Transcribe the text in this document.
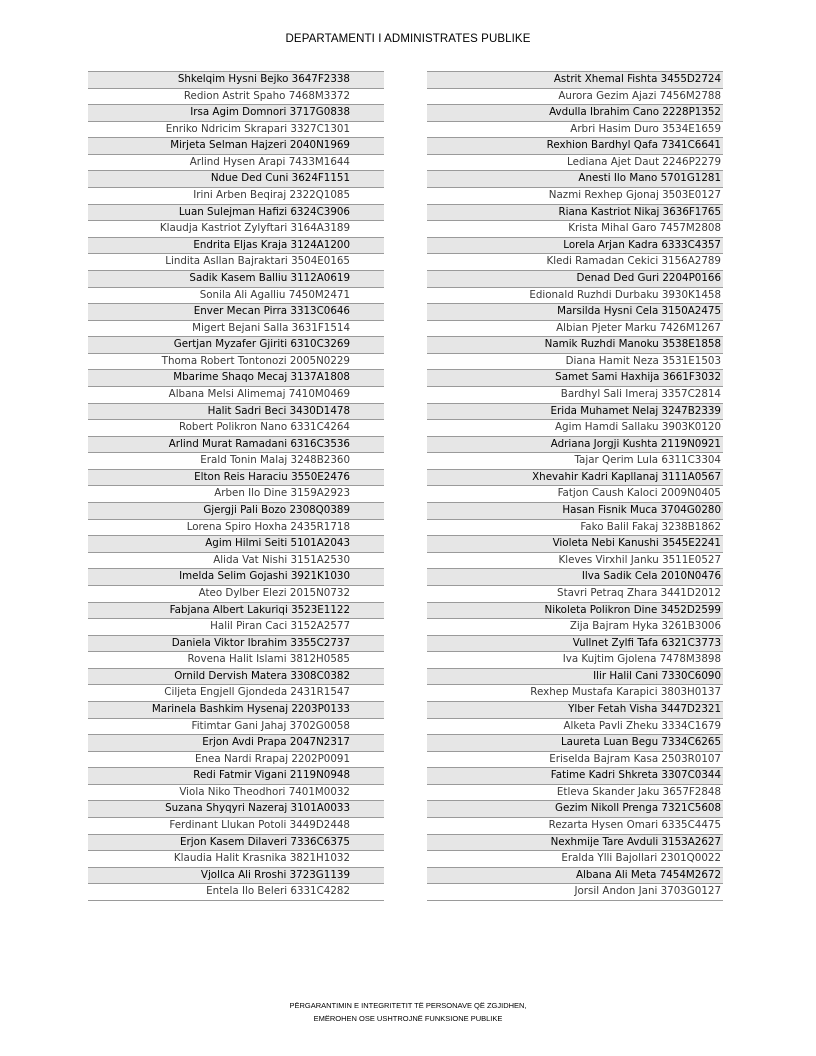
DEPARTAMENTI I ADMINISTRATES PUBLIKE
Shkelqim Hysni Bejko 3647F2338
Redion Astrit Spaho 7468M3372
Irsa Agim Domnori 3717G0838
Enriko Ndricim Skrapari 3327C1301
Mirjeta Selman Hajzeri 2040N1969
Arlind Hysen Arapi 7433M1644
Ndue Ded Cuni 3624F1151
Irini Arben Beqiraj 2322Q1085
Luan Sulejman Hafizi 6324C3906
Klaudja Kastriot Zylyftari 3164A3189
Endrita Eljas Kraja 3124A1200
Lindita Asllan Bajraktari 3504E0165
Sadik Kasem Balliu 3112A0619
Sonila Ali Agalliu 7450M2471
Enver Mecan Pirra 3313C0646
Migert Bejani Salla 3631F1514
Gertjan Myzafer Gjiriti 6310C3269
Thoma Robert Tontonozi 2005N0229
Mbarime Shaqo Mecaj 3137A1808
Albana Melsi Alimemaj 7410M0469
Halit Sadri Beci 3430D1478
Robert Polikron Nano 6331C4264
Arlind Murat Ramadani 6316C3536
Erald Tonin Malaj 3248B2360
Elton Reis Haraciu 3550E2476
Arben Ilo Dine 3159A2923
Gjergji Pali Bozo 2308Q0389
Lorena Spiro Hoxha 2435R1718
Agim Hilmi Seiti 5101A2043
Alida Vat Nishi 3151A2530
Imelda Selim Gojashi 3921K1030
Ateo Dylber Elezi 2015N0732
Fabjana Albert Lakuriqi 3523E1122
Halil Piran Caci 3152A2577
Daniela Viktor Ibrahim 3355C2737
Rovena Halit Islami 3812H0585
Ornild Dervish Matera 3308C0382
Ciljeta Engjell Gjondeda 2431R1547
Marinela Bashkim Hysenaj 2203P0133
Fitimtar Gani Jahaj 3702G0058
Erjon Avdi Prapa 2047N2317
Enea Nardi Rrapaj 2202P0091
Redi Fatmir Vigani 2119N0948
Viola Niko Theodhori 7401M0032
Suzana Shyqyri Nazeraj 3101A0033
Ferdinant Llukan Potoli 3449D2448
Erjon Kasem Dilaveri 7336C6375
Klaudia Halit Krasnika 3821H1032
Vjollca Ali Rroshi 3723G1139
Entela Ilo Beleri 6331C4282
Astrit Xhemal Fishta 3455D2724
Aurora Gezim Ajazi 7456M2788
Avdulla Ibrahim Cano 2228P1352
Arbri Hasim Duro 3534E1659
Rexhion Bardhyl Qafa 7341C6641
Lediana Ajet Daut 2246P2279
Anesti Ilo Mano 5701G1281
Nazmi Rexhep Gjonaj 3503E0127
Riana Kastriot Nikaj 3636F1765
Krista Mihal Garo 7457M2808
Lorela Arjan Kadra 6333C4357
Kledi Ramadan Cekici 3156A2789
Denad Ded Guri 2204P0166
Edionald Ruzhdi Durbaku 3930K1458
Marsilda Hysni Cela 3150A2475
Albian Pjeter Marku 7426M1267
Namik Ruzhdi Manoku 3538E1858
Diana Hamit Neza 3531E1503
Samet Sami Haxhija 3661F3032
Bardhyl Sali Imeraj 3357C2814
Erida Muhamet Nelaj 3247B2339
Agim Hamdi Sallaku 3903K0120
Adriana Jorgji Kushta 2119N0921
Tajar Qerim Lula 6311C3304
Xhevahir Kadri Kapllanaj 3111A0567
Fatjon Caush Kaloci 2009N0405
Hasan Fisnik Muca 3704G0280
Fako Balil Fakaj 3238B1862
Violeta Nebi Kanushi 3545E2241
Kleves Virxhil Janku 3511E0527
Ilva Sadik Cela 2010N0476
Stavri Petraq Zhara 3441D2012
Nikoleta Polikron Dine 3452D2599
Zija Bajram Hyka 3261B3006
Vullnet Zylfi Tafa 6321C3773
Iva Kujtim Gjolena 7478M3898
Ilir Halil Cani 7330C6090
Rexhep Mustafa Karapici 3803H0137
Ylber Fetah Visha 3447D2321
Alketa Pavli Zheku 3334C1679
Laureta Luan Begu 7334C6265
Eriselda Bajram Kasa 2503R0107
Fatime Kadri Shkreta 3307C0344
Etleva Skander Jaku 3657F2848
Gezim Nikoll Prenga 7321C5608
Rezarta Hysen Omari 6335C4475
Nexhmije Tare Avduli 3153A2627
Eralda Ylli Bajollari 2301Q0022
Albana Ali Meta 7454M2672
Jorsil Andon Jani 3703G0127
PËRGARANTIMIN E INTEGRITETIT TË PERSONAVE QË ZGJIDHEN,
EMËROHEN OSE USHTROJNË FUNKSIONE PUBLIKE
